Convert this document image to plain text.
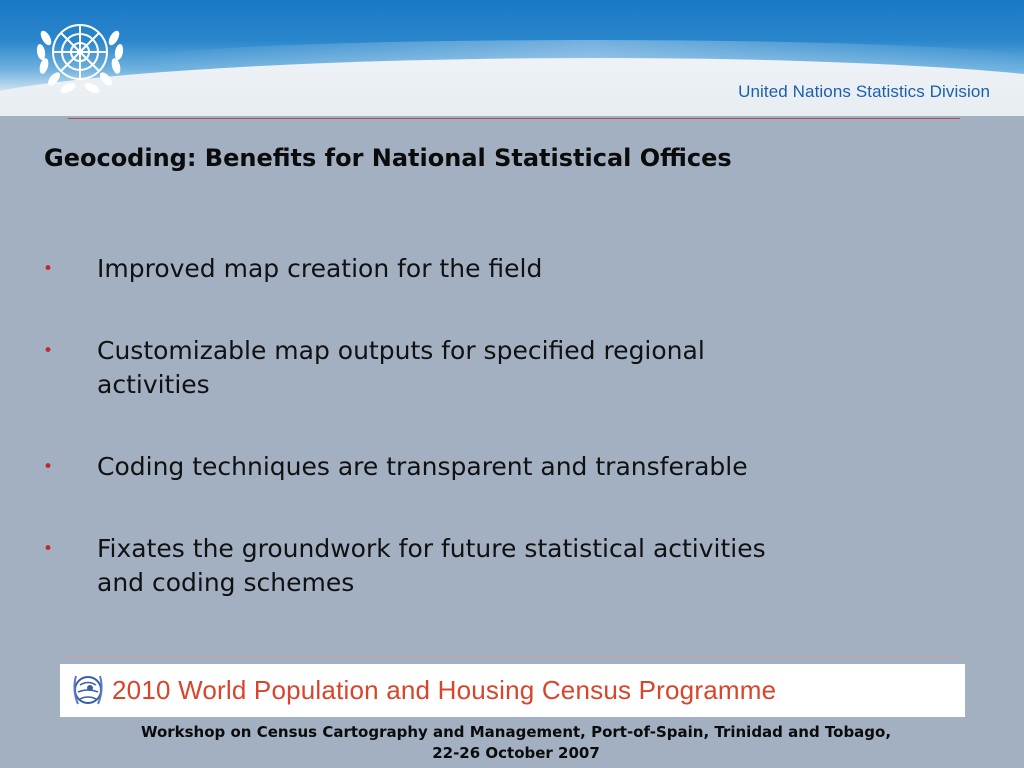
United Nations Statistics Division
Geocoding: Benefits for National Statistical Offices
• Improved map creation for the field
• Customizable map outputs for specified regional
activities
• Coding techniques are transparent and transferable
• Fixates the groundwork for future statistical activities
and coding schemes
2010 World Population and Housing Census Programme
Workshop on Census Cartography and Management, Port-of-Spain, Trinidad and Tobago,
22-26 October 2007
